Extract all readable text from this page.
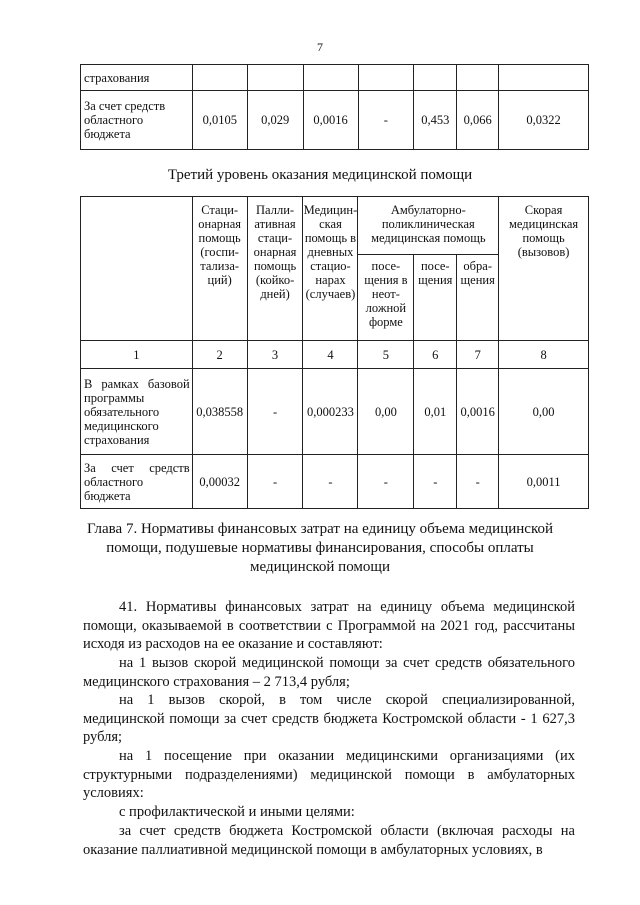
7
страхования							
За счет средств областного бюджета	0,0105	0,029	0,0016	-	0,453	0,066	0,0322
Третий уровень оказания медицинской помощи
	Стаци-онарная помощь (госпи-тализа-ций)	Палли-ативная стаци-онарная помощь (койко-дней)	Медицин-ская помощь в дневных стацио-нарах (случаев)	Амбулаторно-поликлиническая медицинская помощь			Скорая медицинская помощь (вызовов)
				посе-щения в неот-ложной форме	посе-щения	обра-щения	
1	2	3	4	5	6	7	8
В рамках базовой программы обязательного медицинского страхования	0,038558	-	0,000233	0,00	0,01	0,0016	0,00
За счет средств областного бюджета	0,00032	-	-	-	-	-	0,0011
Глава 7. Нормативы финансовых затрат на единицу объема медицинской помощи, подушевые нормативы финансирования, способы оплаты медицинской помощи

41. Нормативы финансовых затрат на единицу объема медицинской помощи, оказываемой в соответствии с Программой на 2021 год, рассчитаны исходя из расходов на ее оказание и составляют:

на 1 вызов скорой медицинской помощи за счет средств обязательного медицинского страхования – 2 713,4 рубля;

на 1 вызов скорой, в том числе скорой специализированной, медицинской помощи за счет средств бюджета Костромской области - 1 627,3 рубля;

на 1 посещение при оказании медицинскими организациями (их структурными подразделениями) медицинской помощи в амбулаторных условиях:

с профилактической и иными целями:

за счет средств бюджета Костромской области (включая расходы на оказание паллиативной медицинской помощи в амбулаторных условиях, в
